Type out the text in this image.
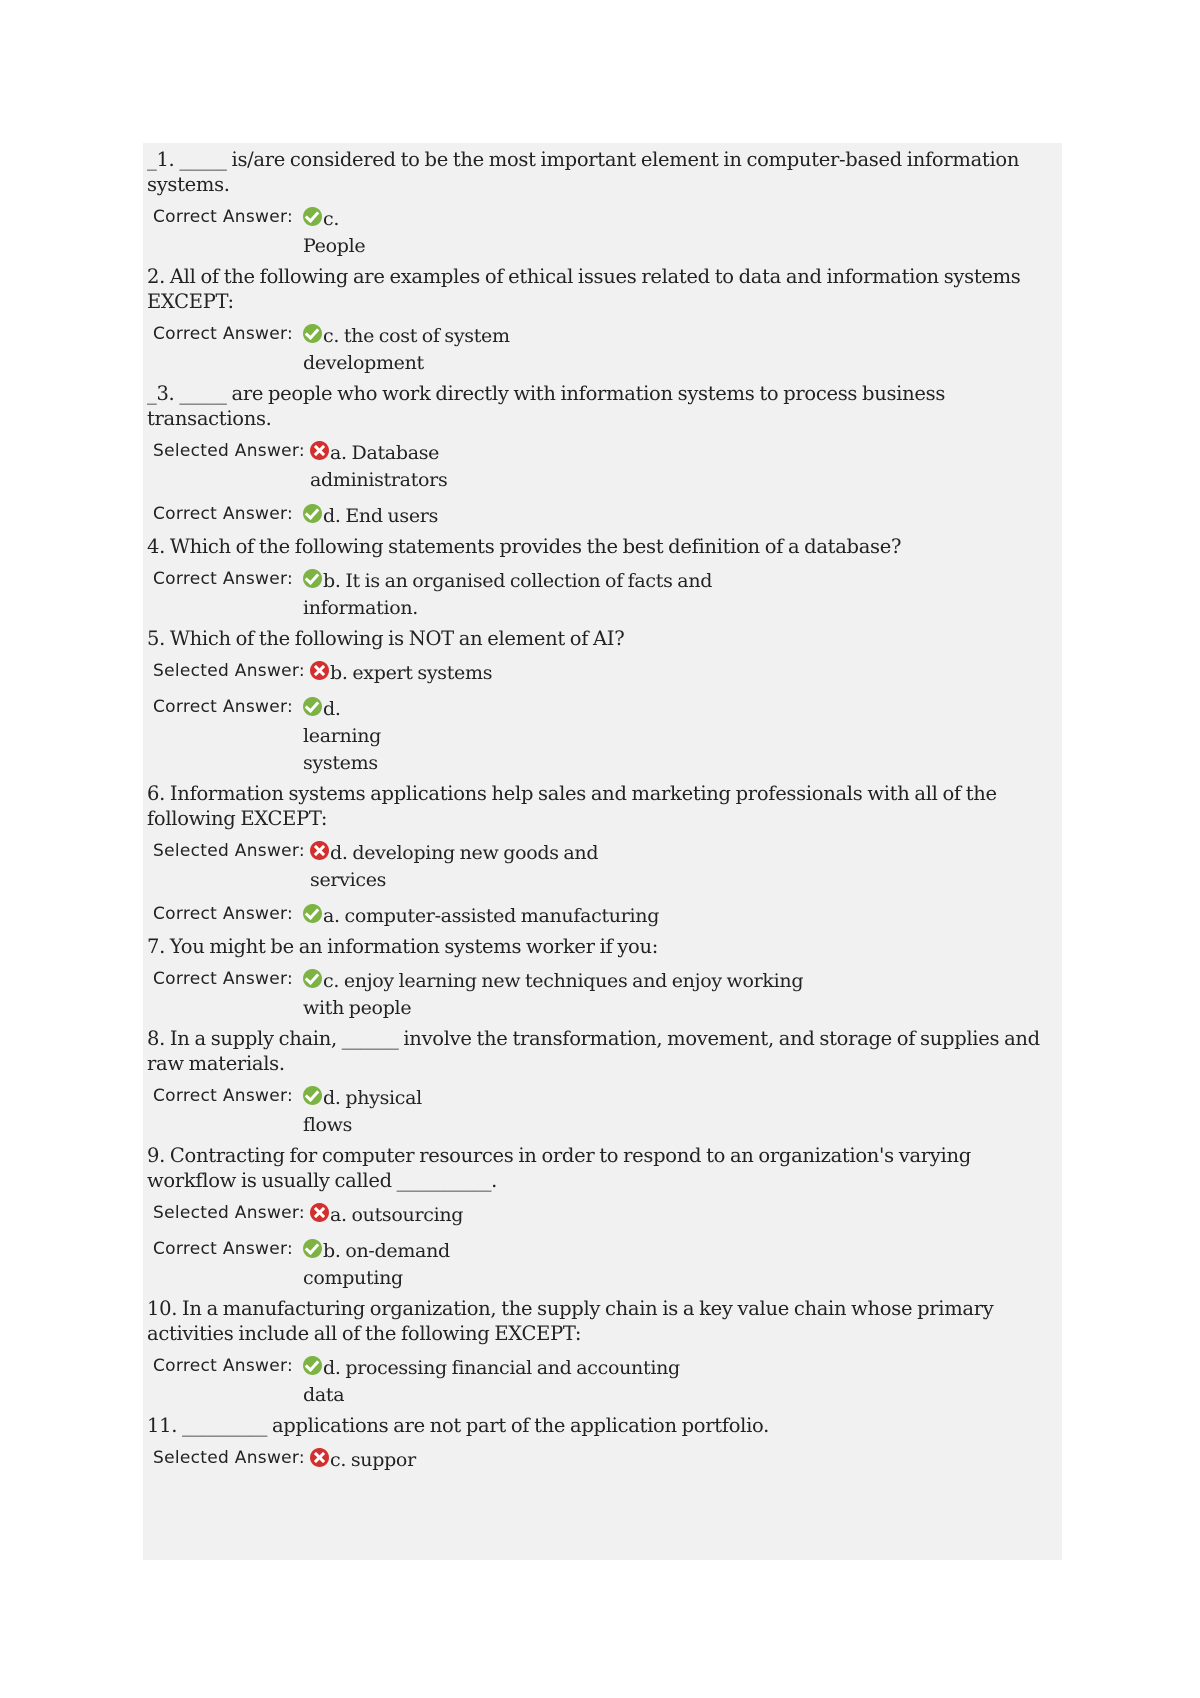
_1. _____ is/are considered to be the most important element in computer-based information systems.

Correct Answer:	c. People

2. All of the following are examples of ethical issues related to data and information systems EXCEPT:

Correct Answer:	c. the cost of system development

_3. _____ are people who work directly with information systems to process business transactions.

Selected Answer:	a. Database administrators
Correct Answer:	d. End users

4. Which of the following statements provides the best definition of a database?

Correct Answer:	b. It is an organised collection of facts and information.

5. Which of the following is NOT an element of AI?

Selected Answer:	b. expert systems
Correct Answer:	d. learning systems

6. Information systems applications help sales and marketing professionals with all of the following EXCEPT:

Selected Answer:	d. developing new goods and services
Correct Answer:	a. computer-assisted manufacturing

7. You might be an information systems worker if you:

Correct Answer:	c. enjoy learning new techniques and enjoy working with people

8. In a supply chain, ______ involve the transformation, movement, and storage of supplies and raw materials.

Correct Answer:	d. physical flows

9. Contracting for computer resources in order to respond to an organization's varying workflow is usually called __________.

Selected Answer:	a. outsourcing
Correct Answer:	b. on-demand computing

10. In a manufacturing organization, the supply chain is a key value chain whose primary activities include all of the following EXCEPT:

Correct Answer:	d. processing financial and accounting data

11. _________ applications are not part of the application portfolio.

Selected Answer:	c. suppor
